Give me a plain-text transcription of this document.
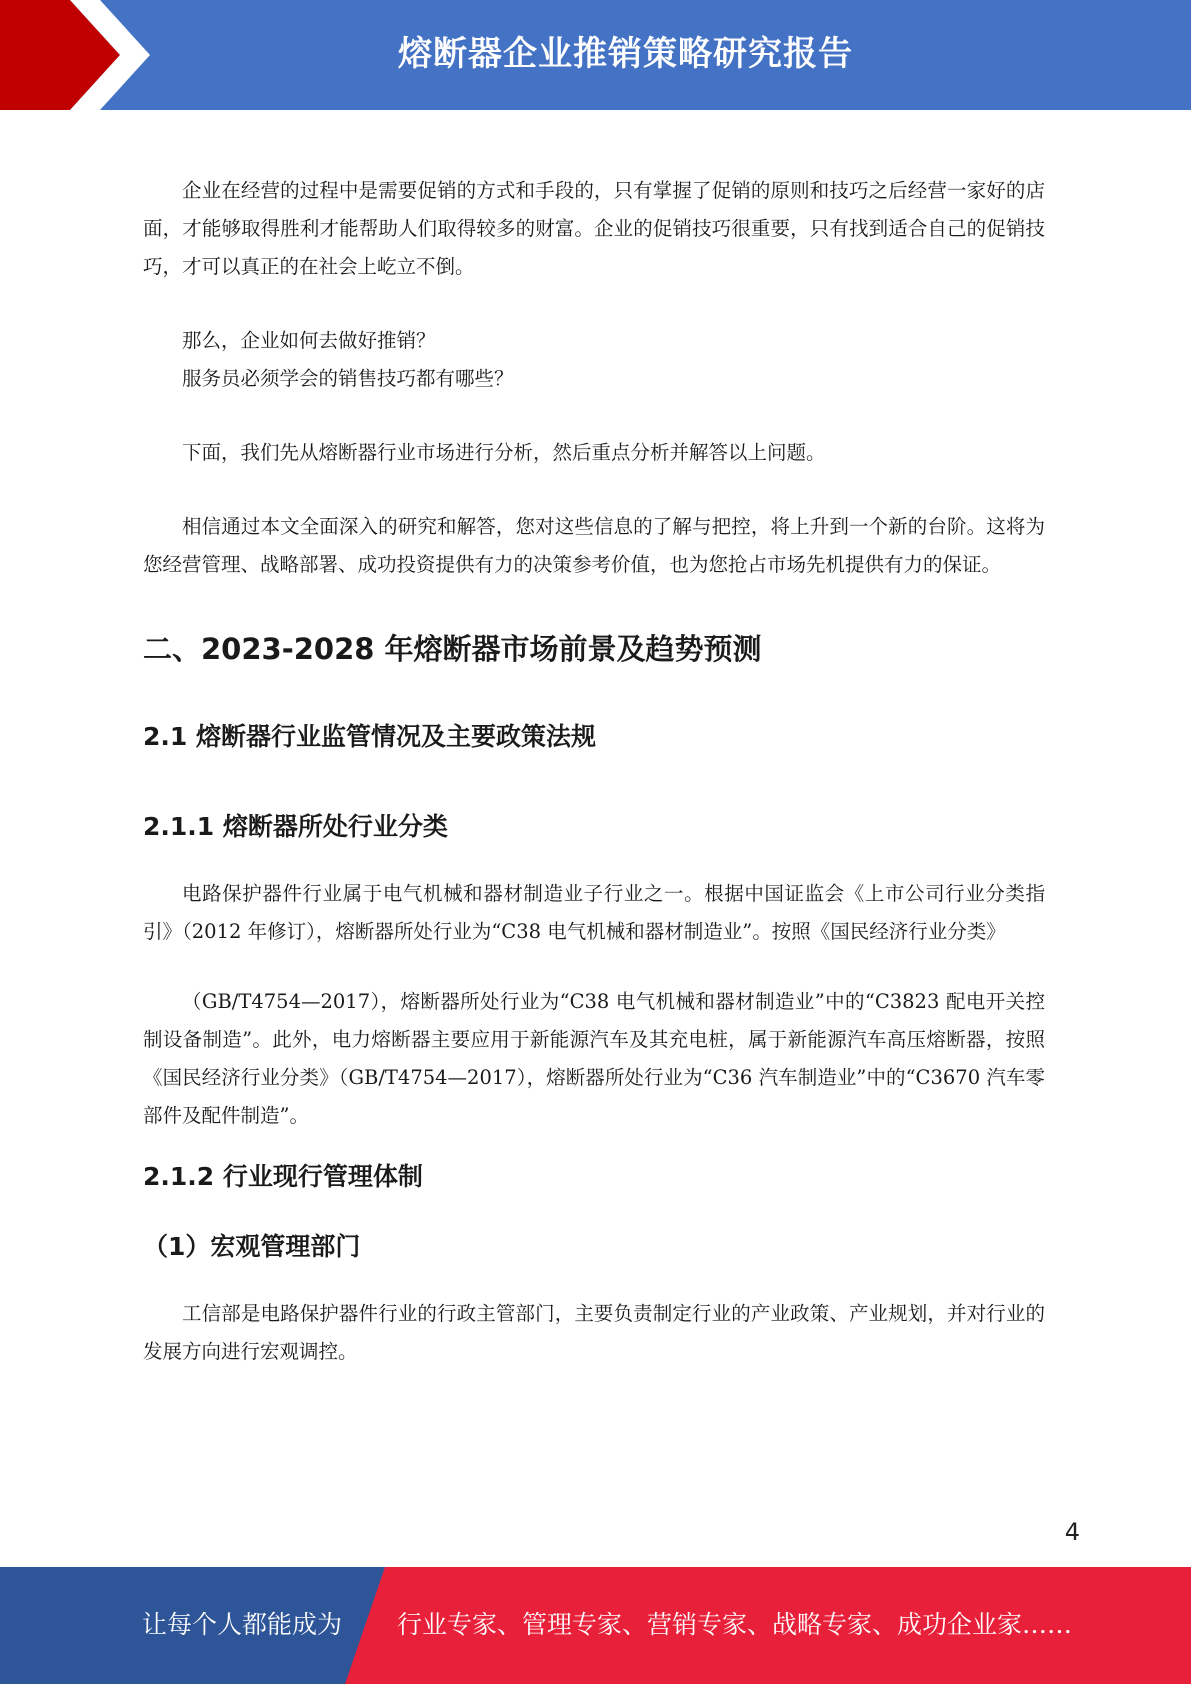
熔断器企业推销策略研究报告

企业在经营的过程中是需要促销的方式和手段的，只有掌握了促销的原则和技巧之后经营一家好的店面，才能够取得胜利才能帮助人们取得较多的财富。企业的促销技巧很重要，只有找到适合自己的促销技巧，才可以真正的在社会上屹立不倒。

那么，企业如何去做好推销？

服务员必须学会的销售技巧都有哪些？

下面，我们先从熔断器行业市场进行分析，然后重点分析并解答以上问题。

相信通过本文全面深入的研究和解答，您对这些信息的了解与把控，将上升到一个新的台阶。这将为您经营管理、战略部署、成功投资提供有力的决策参考价值，也为您抢占市场先机提供有力的保证。

二、2023-2028 年熔断器市场前景及趋势预测
2.1 熔断器行业监管情况及主要政策法规
2.1.1 熔断器所处行业分类

电路保护器件行业属于电气机械和器材制造业子行业之一。根据中国证监会《上市公司行业分类指引》（2012 年修订），熔断器所处行业为“C38 电气机械和器材制造业”。按照《国民经济行业分类》

（GB/T4754—2017），熔断器所处行业为“C38 电气机械和器材制造业”中的“C3823 配电开关控制设备制造”。此外，电力熔断器主要应用于新能源汽车及其充电桩，属于新能源汽车高压熔断器，按照《国民经济行业分类》（GB/T4754—2017），熔断器所处行业为“C36 汽车制造业”中的“C3670 汽车零部件及配件制造”。

2.1.2 行业现行管理体制
（1）宏观管理部门

工信部是电路保护器件行业的行政主管部门，主要负责制定行业的产业政策、产业规划，并对行业的发展方向进行宏观调控。

4
让每个人都能成为 行业专家、管理专家、营销专家、战略专家、成功企业家……
